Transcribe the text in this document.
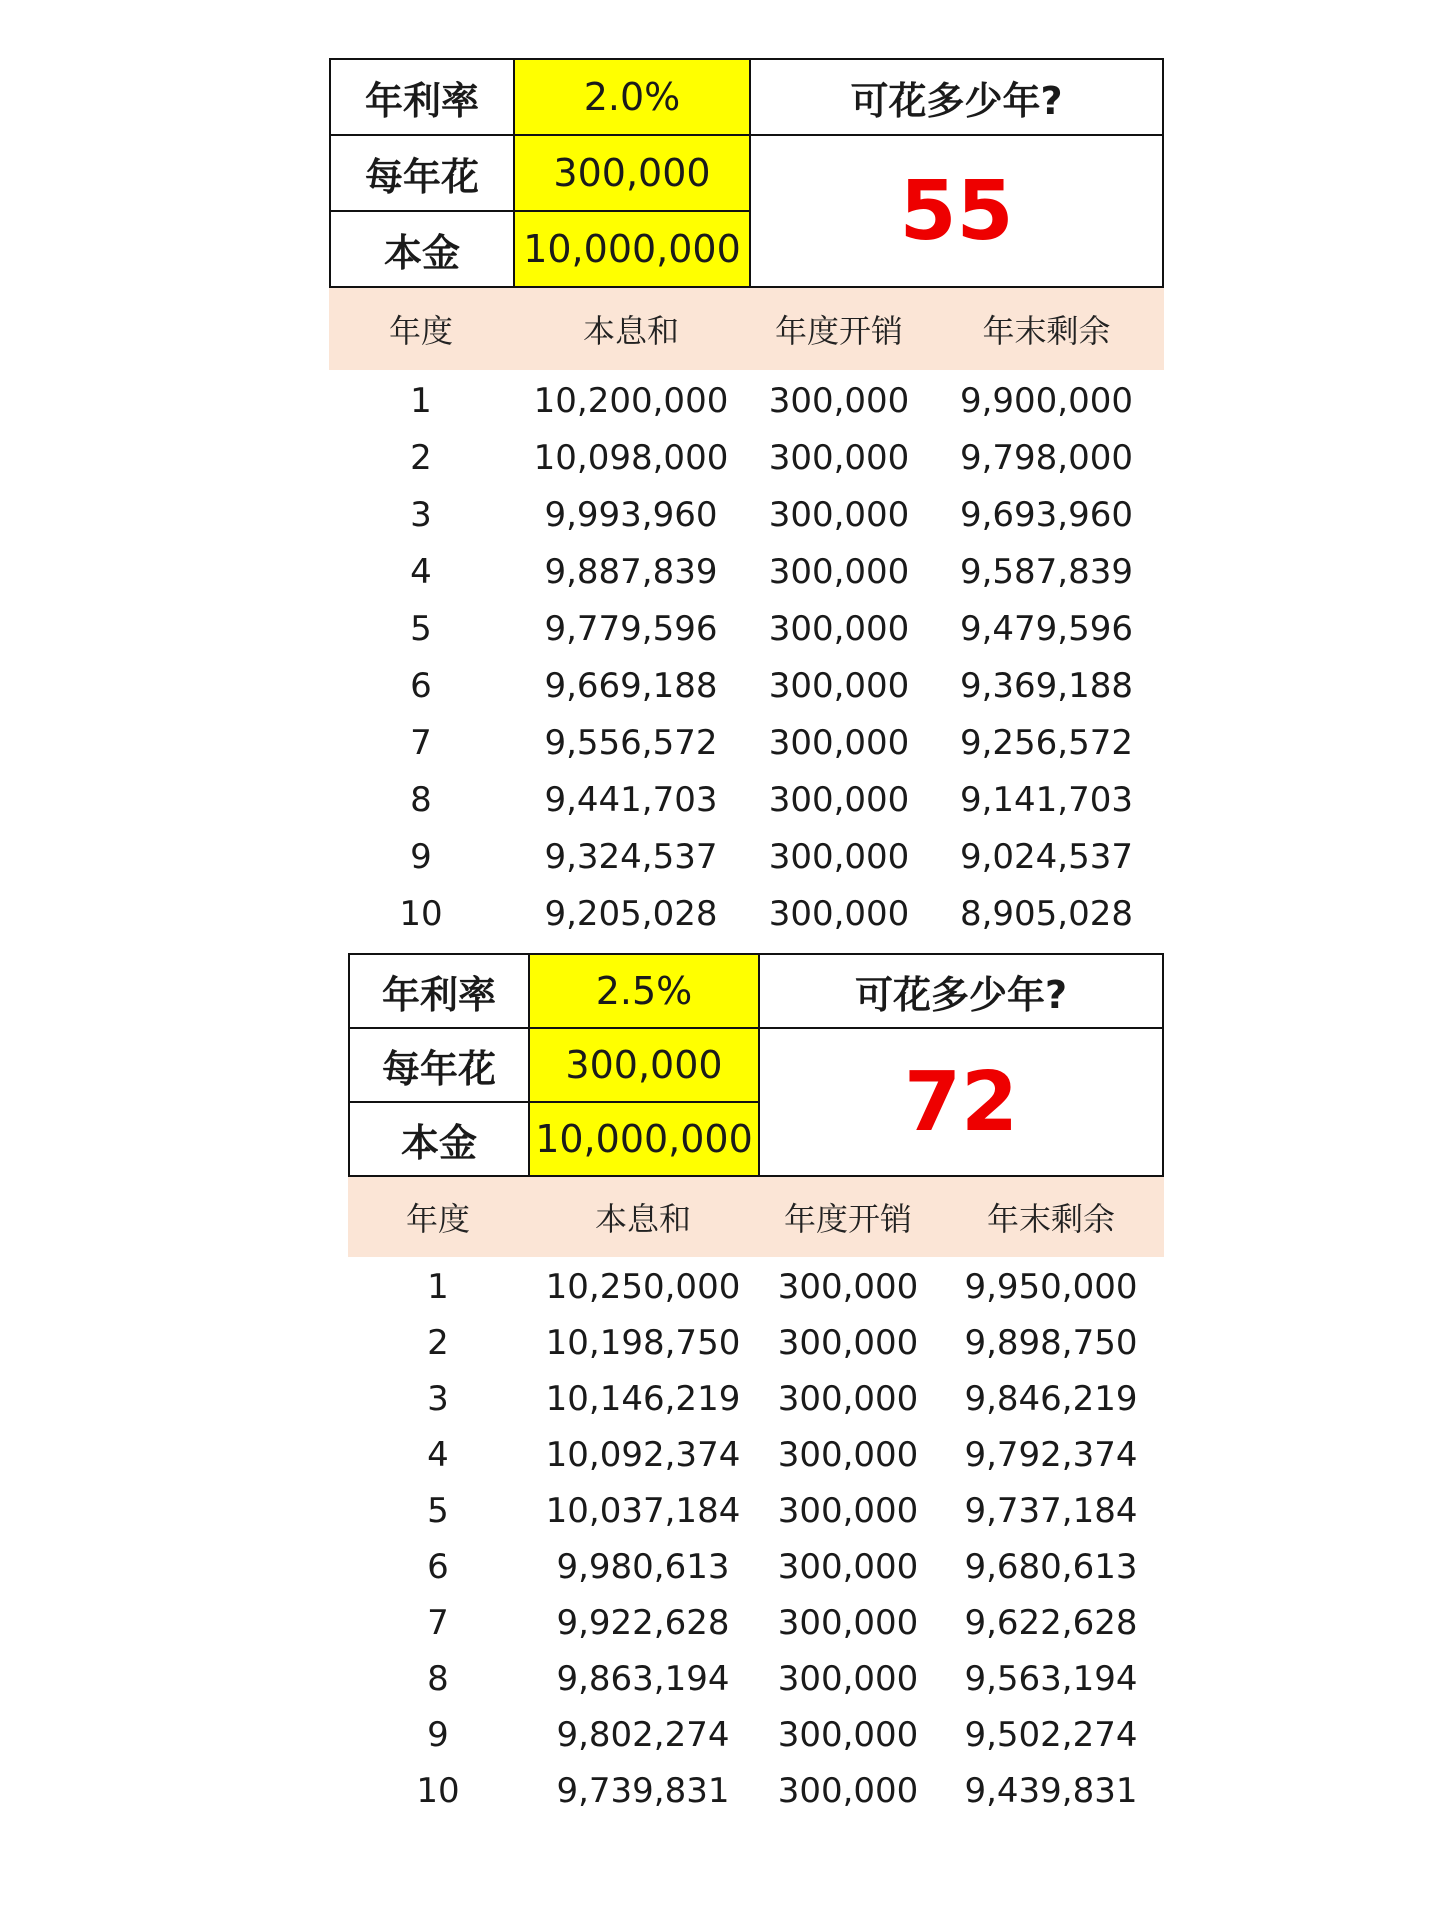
年利率	2.0%
每年花	300,000
本金	10,000,000
可花多少年?
55
年度	本息和	年度开销	年末剩余
1	10,200,000	300,000	9,900,000
2	10,098,000	300,000	9,798,000
3	9,993,960	300,000	9,693,960
4	9,887,839	300,000	9,587,839
5	9,779,596	300,000	9,479,596
6	9,669,188	300,000	9,369,188
7	9,556,572	300,000	9,256,572
8	9,441,703	300,000	9,141,703
9	9,324,537	300,000	9,024,537
10	9,205,028	300,000	8,905,028
年利率	2.5%
每年花	300,000
本金	10,000,000
可花多少年?
72
年度	本息和	年度开销	年末剩余
1	10,250,000	300,000	9,950,000
2	10,198,750	300,000	9,898,750
3	10,146,219	300,000	9,846,219
4	10,092,374	300,000	9,792,374
5	10,037,184	300,000	9,737,184
6	9,980,613	300,000	9,680,613
7	9,922,628	300,000	9,622,628
8	9,863,194	300,000	9,563,194
9	9,802,274	300,000	9,502,274
10	9,739,831	300,000	9,439,831
